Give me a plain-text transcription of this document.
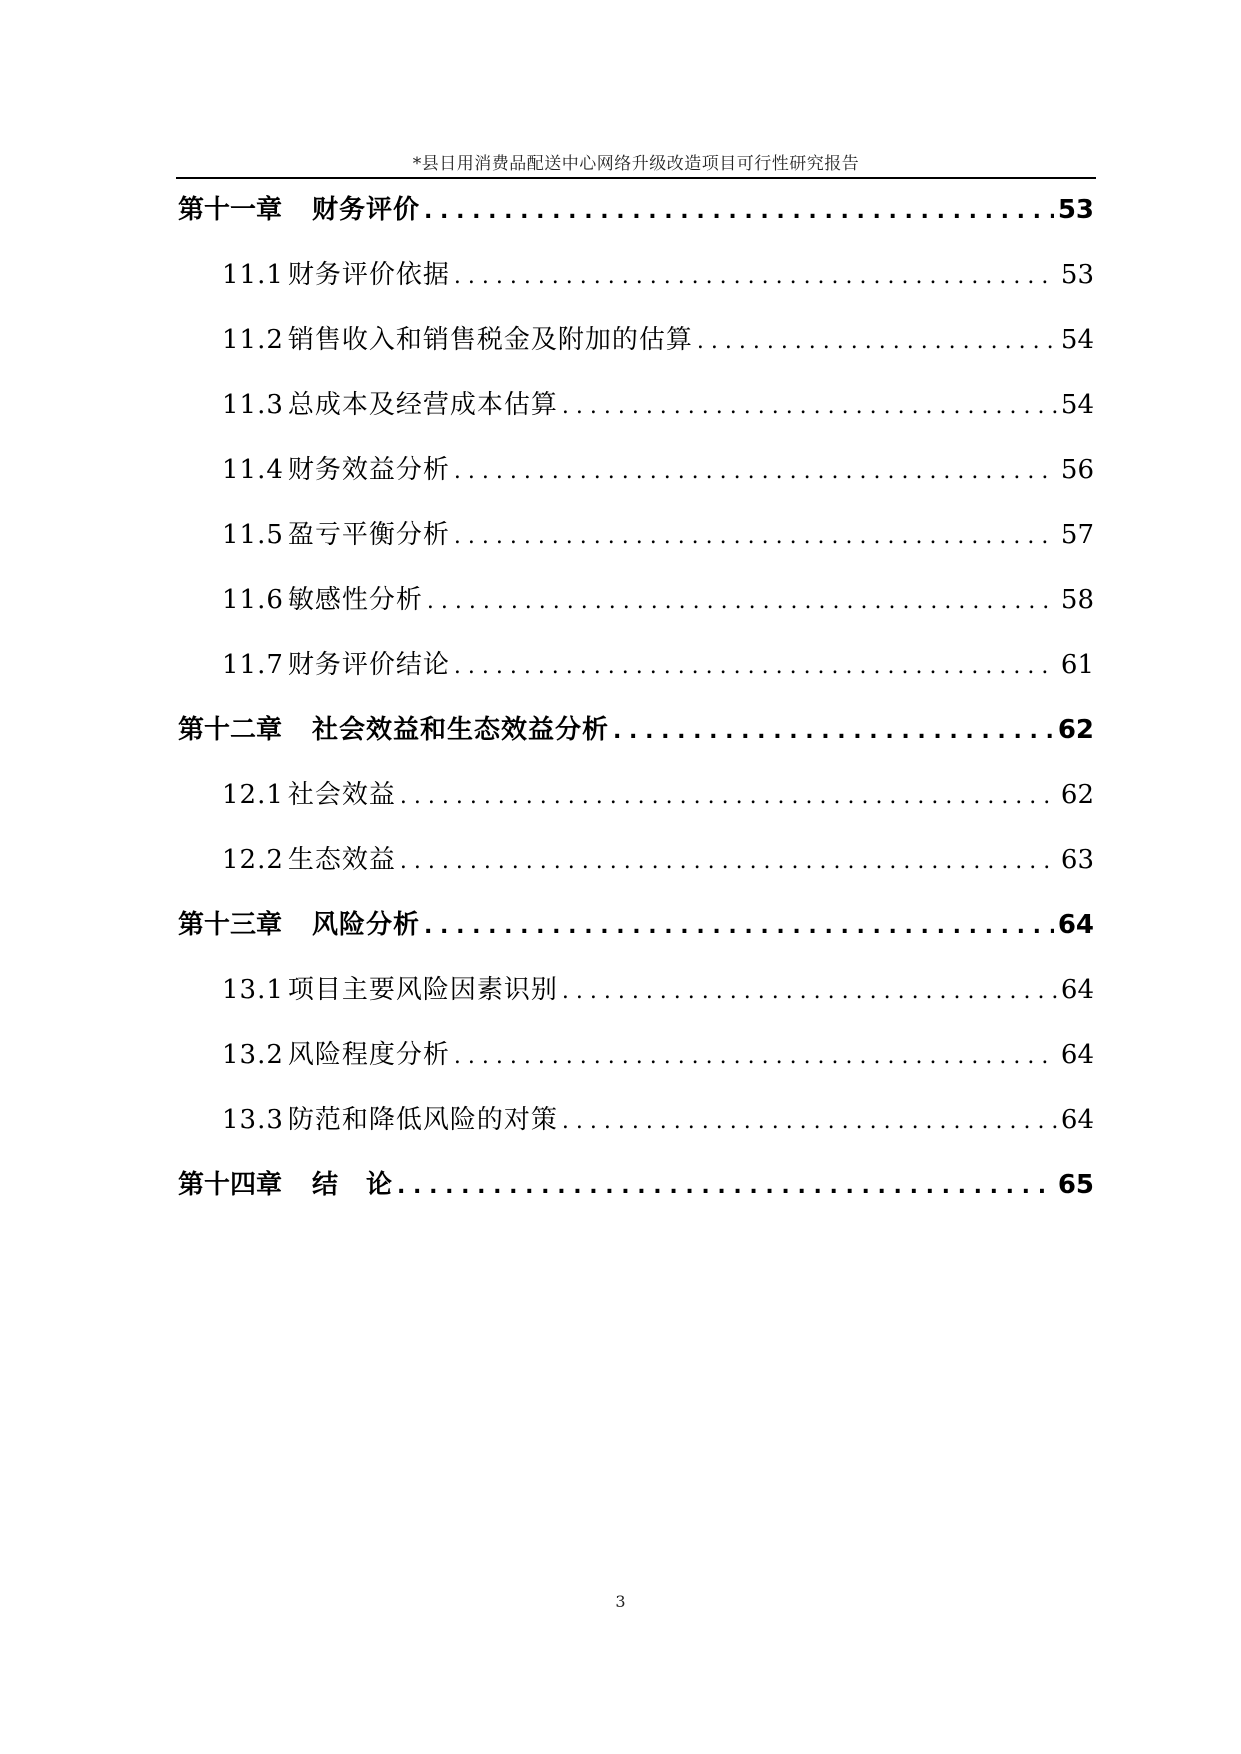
*县日用消费品配送中心网络升级改造项目可行性研究报告
第十一章 财务评价 . . .	53
11.1 财务评价依据 . . .	53
11.2 销售收入和销售税金及附加的估算 . . .	54
11.3 总成本及经营成本估算 . . .	54
11.4 财务效益分析 . . .	56
11.5 盈亏平衡分析 . . .	57
11.6 敏感性分析 . . .	58
11.7 财务评价结论 . . .	61
第十二章 社会效益和生态效益分析 . . .	62
12.1 社会效益 . . .	62
12.2 生态效益 . . .	63
第十三章 风险分析 . . .	64
13.1 项目主要风险因素识别 . . .	64
13.2 风险程度分析 . . .	64
13.3 防范和降低风险的对策 . . .	64
第十四章 结　论 . . .	65
3
